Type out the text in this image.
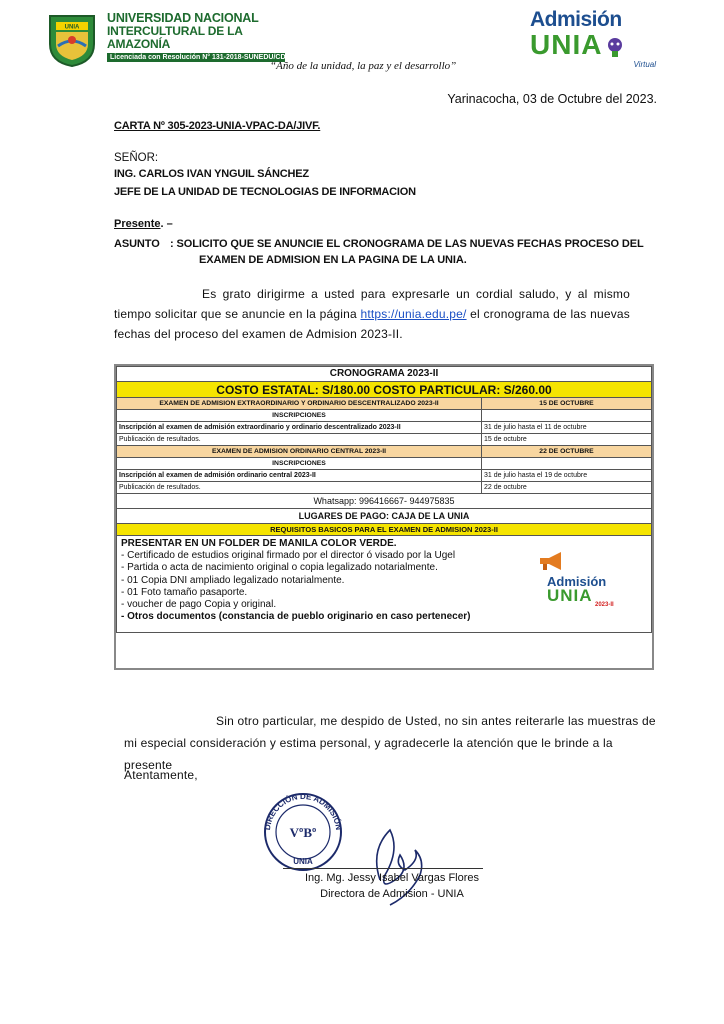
UNIA
UNIVERSIDAD NACIONAL
INTERCULTURAL DE LA AMAZONÍA
Licenciada con Resolución N° 131-2018-SUNEDU/CD
“Año de la unidad, la paz y el desarrollo”
Admisión
UNIA
Virtual
Yarinacocha, 03 de Octubre del 2023.
CARTA Nº 305-2023-UNIA-VPAC-DA/JIVF.
SEÑOR:
ING. CARLOS IVAN YNGUIL SÁNCHEZ
JEFE DE LA UNIDAD DE TECNOLOGIAS DE INFORMACION
Presente. –
ASUNTO : SOLICITO QUE SE ANUNCIE EL CRONOGRAMA DE LAS NUEVAS FECHAS PROCESO DEL
EXAMEN DE ADMISION EN LA PAGINA DE LA UNIA.
Es grato dirigirme a usted para expresarle un cordial saludo, y al mismo tiempo solicitar que se anuncie en la página https://unia.edu.pe/ el cronograma de las nuevas fechas del proceso del examen de Admision 2023-II.
CRONOGRAMA 2023-II	
COSTO ESTATAL: S/180.00 COSTO PARTICULAR: S/260.00	
EXAMEN DE ADMISION EXTRAORDINARIO Y ORDINARIO DESCENTRALIZADO 2023-II	15 DE OCTUBRE
INSCRIPCIONES	
Inscripción al examen de admisión extraordinario y ordinario descentralizado 2023-II	31 de julio hasta el 11 de octubre
Publicación de resultados.	15 de octubre
EXAMEN DE ADMISION ORDINARIO CENTRAL 2023-II	22 DE OCTUBRE
INSCRIPCIONES	
Inscripción al examen de admisión ordinario central 2023-II	31 de julio hasta el 19 de octubre
Publicación de resultados.	22 de octubre
Whatsapp: 996416667- 944975835	
LUGARES DE PAGO: CAJA DE LA UNIA	
REQUISITOS BASICOS PARA EL EXAMEN DE ADMISION 2023-II	
PRESENTAR EN UN FOLDER DE MANILA COLOR VERDE.
- Certificado de estudios original firmado por el director ó visado por la Ugel
- Partida o acta de nacimiento original o copia legalizado notarialmente.
- 01 Copia DNI ampliado legalizado notarialmente.
- 01 Foto tamaño pasaporte.
- voucher de pago Copia y original.
- Otros documentos (constancia de pueblo originario en caso pertenecer)
Admisión
UNIA 2023-II
Sin otro particular, me despido de Usted, no sin antes reiterarle las muestras de mi especial consideración y estima personal, y agradecerle la atención que le brinde a la presente
Atentamente,
DIRECCIÓN DE ADMISIÓN
VºBº
UNIA
Ing. Mg. Jessy Isabel Vargas Flores
Directora de Admision - UNIA
